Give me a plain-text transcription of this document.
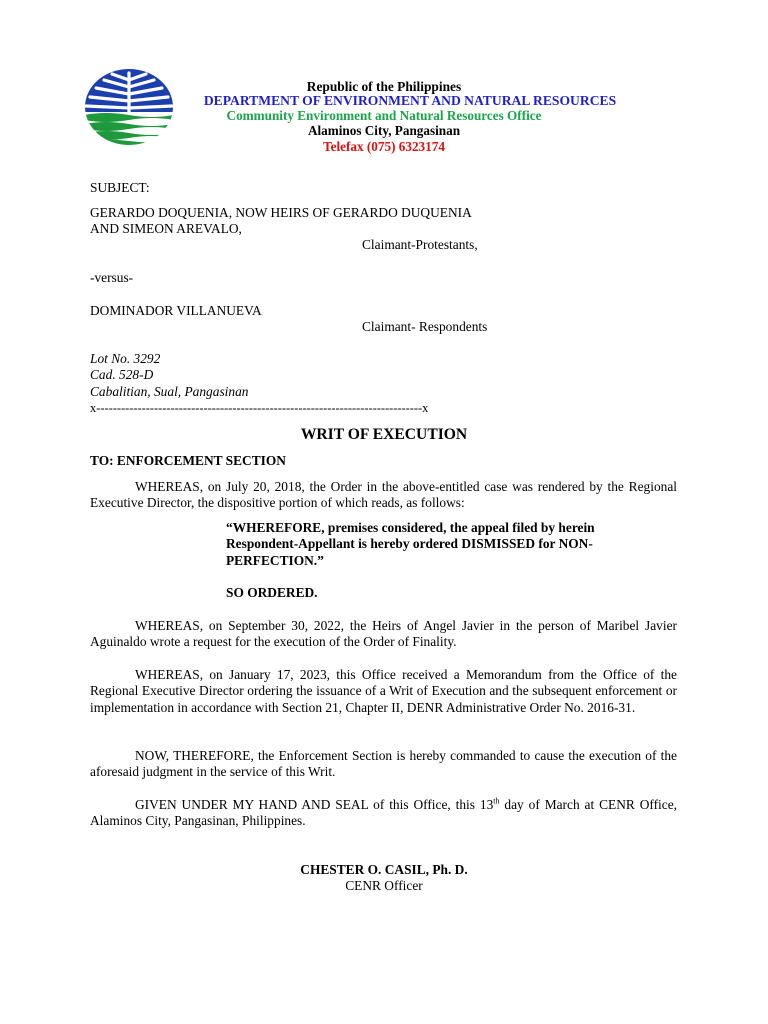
Republic of the Philippines
DEPARTMENT OF ENVIRONMENT AND NATURAL RESOURCES
Community Environment and Natural Resources Office
Alaminos City, Pangasinan
Telefax (075) 6323174
SUBJECT:
GERARDO DOQUENIA, NOW HEIRS OF GERARDO DUQUENIA
AND SIMEON AREVALO,
Claimant-Protestants,
-versus-
DOMINADOR VILLANUEVA
Claimant- Respondents
Lot No. 3292
Cad. 528-D
Cabalitian, Sual, Pangasinan
x-------------------------------------------------------------------------------x
WRIT OF EXECUTION
TO: ENFORCEMENT SECTION

WHEREAS, on July 20, 2018, the Order in the above-entitled case was rendered by the Regional Executive Director, the dispositive portion of which reads, as follows:

“WHEREFORE, premises considered, the appeal filed by herein Respondent-Appellant is hereby ordered DISMISSED for NON-PERFECTION.”
SO ORDERED.

WHEREAS, on September 30, 2022, the Heirs of Angel Javier in the person of Maribel Javier Aguinaldo wrote a request for the execution of the Order of Finality.

WHEREAS, on January 17, 2023, this Office received a Memorandum from the Office of the Regional Executive Director ordering the issuance of a Writ of Execution and the subsequent enforcement or implementation in accordance with Section 21, Chapter II, DENR Administrative Order No. 2016-31.

NOW, THEREFORE, the Enforcement Section is hereby commanded to cause the execution of the aforesaid judgment in the service of this Writ.

GIVEN UNDER MY HAND AND SEAL of this Office, this 13th day of March at CENR Office, Alaminos City, Pangasinan, Philippines.

CHESTER O. CASIL, Ph. D.
CENR Officer
